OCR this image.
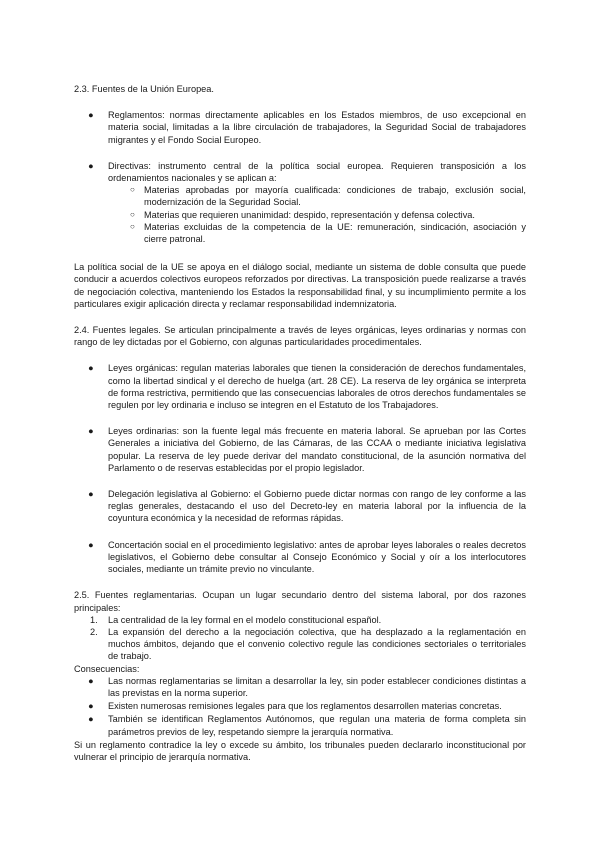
2.3. Fuentes de la Unión Europea.

● Reglamentos: normas directamente aplicables en los Estados miembros, de uso excepcional en materia social, limitadas a la libre circulación de trabajadores, la Seguridad Social de trabajadores migrantes y el Fondo Social Europeo.
● Directivas: instrumento central de la política social europea. Requieren transposición a los ordenamientos nacionales y se aplican a:
○ Materias aprobadas por mayoría cualificada: condiciones de trabajo, exclusión social, modernización de la Seguridad Social.
○ Materias que requieren unanimidad: despido, representación y defensa colectiva.
○ Materias excluidas de la competencia de la UE: remuneración, sindicación, asociación y cierre patronal.

La política social de la UE se apoya en el diálogo social, mediante un sistema de doble consulta que puede conducir a acuerdos colectivos europeos reforzados por directivas. La transposición puede realizarse a través de negociación colectiva, manteniendo los Estados la responsabilidad final, y su incumplimiento permite a los particulares exigir aplicación directa y reclamar responsabilidad indemnizatoria.

2.4. Fuentes legales. Se articulan principalmente a través de leyes orgánicas, leyes ordinarias y normas con rango de ley dictadas por el Gobierno, con algunas particularidades procedimentales.

● Leyes orgánicas: regulan materias laborales que tienen la consideración de derechos fundamentales, como la libertad sindical y el derecho de huelga (art. 28 CE). La reserva de ley orgánica se interpreta de forma restrictiva, permitiendo que las consecuencias laborales de otros derechos fundamentales se regulen por ley ordinaria e incluso se integren en el Estatuto de los Trabajadores.
● Leyes ordinarias: son la fuente legal más frecuente en materia laboral. Se aprueban por las Cortes Generales a iniciativa del Gobierno, de las Cámaras, de las CCAA o mediante iniciativa legislativa popular. La reserva de ley puede derivar del mandato constitucional, de la asunción normativa del Parlamento o de reservas establecidas por el propio legislador.
● Delegación legislativa al Gobierno: el Gobierno puede dictar normas con rango de ley conforme a las reglas generales, destacando el uso del Decreto-ley en materia laboral por la influencia de la coyuntura económica y la necesidad de reformas rápidas.
● Concertación social en el procedimiento legislativo: antes de aprobar leyes laborales o reales decretos legislativos, el Gobierno debe consultar al Consejo Económico y Social y oír a los interlocutores sociales, mediante un trámite previo no vinculante.

2.5. Fuentes reglamentarias. Ocupan un lugar secundario dentro del sistema laboral, por dos razones principales:

1. La centralidad de la ley formal en el modelo constitucional español.
2. La expansión del derecho a la negociación colectiva, que ha desplazado a la reglamentación en muchos ámbitos, dejando que el convenio colectivo regule las condiciones sectoriales o territoriales de trabajo.

Consecuencias:

● Las normas reglamentarias se limitan a desarrollar la ley, sin poder establecer condiciones distintas a las previstas en la norma superior.
● Existen numerosas remisiones legales para que los reglamentos desarrollen materias concretas.
● También se identifican Reglamentos Autónomos, que regulan una materia de forma completa sin parámetros previos de ley, respetando siempre la jerarquía normativa.

Si un reglamento contradice la ley o excede su ámbito, los tribunales pueden declararlo inconstitucional por vulnerar el principio de jerarquía normativa.
